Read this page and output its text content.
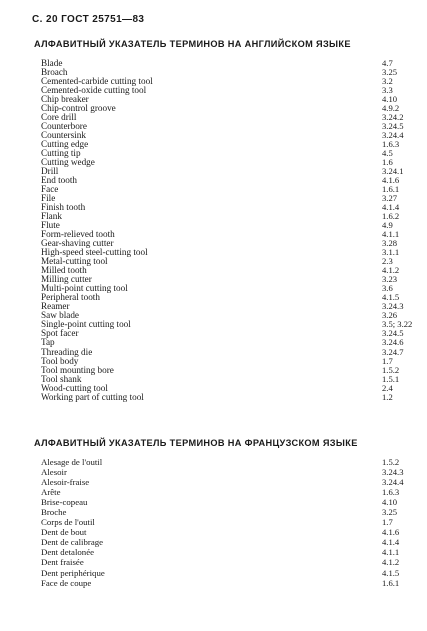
С. 20 ГОСТ 25751—83
АЛФАВИТНЫЙ УКАЗАТЕЛЬ ТЕРМИНОВ НА АНГЛИЙСКОМ ЯЗЫКЕ
Blade	4.7
Broach	3.25
Cemented-carbide cutting tool	3.2
Cemented-oxide cutting tool	3.3
Chip breaker	4.10
Chip-control groove	4.9.2
Core drill	3.24.2
Counterbore	3.24.5
Countersink	3.24.4
Cutting edge	1.6.3
Cutting tip	4.5
Cutting wedge	1.6
Drill	3.24.1
End tooth	4.1.6
Face	1.6.1
File	3.27
Finish tooth	4.1.4
Flank	1.6.2
Flute	4.9
Form-relieved tooth	4.1.1
Gear-shaving cutter	3.28
High-speed steel-cutting tool	3.1.1
Metal-cutting tool	2.3
Milled tooth	4.1.2
Milling cutter	3.23
Multi-point cutting tool	3.6
Peripheral tooth	4.1.5
Reamer	3.24.3
Saw blade	3.26
Single-point cutting tool	3.5; 3.22
Spot facer	3.24.5
Tap	3.24.6
Threading die	3.24.7
Tool body	1.7
Tool mounting bore	1.5.2
Tool shank	1.5.1
Wood-cutting tool	2.4
Working part of cutting tool	1.2
АЛФАВИТНЫЙ УКАЗАТЕЛЬ ТЕРМИНОВ НА ФРАНЦУЗСКОМ ЯЗЫКЕ
Alesage de l'outil	1.5.2
Alesoir	3.24.3
Alesoir-fraise	3.24.4
Arête	1.6.3
Brise-copeau	4.10
Broche	3.25
Corps de l'outil	1.7
Dent de bout	4.1.6
Dent de calibrage	4.1.4
Dent detalonée	4.1.1
Dent fraisée	4.1.2
Dent periphérique	4.1.5
Face de coupe	1.6.1
